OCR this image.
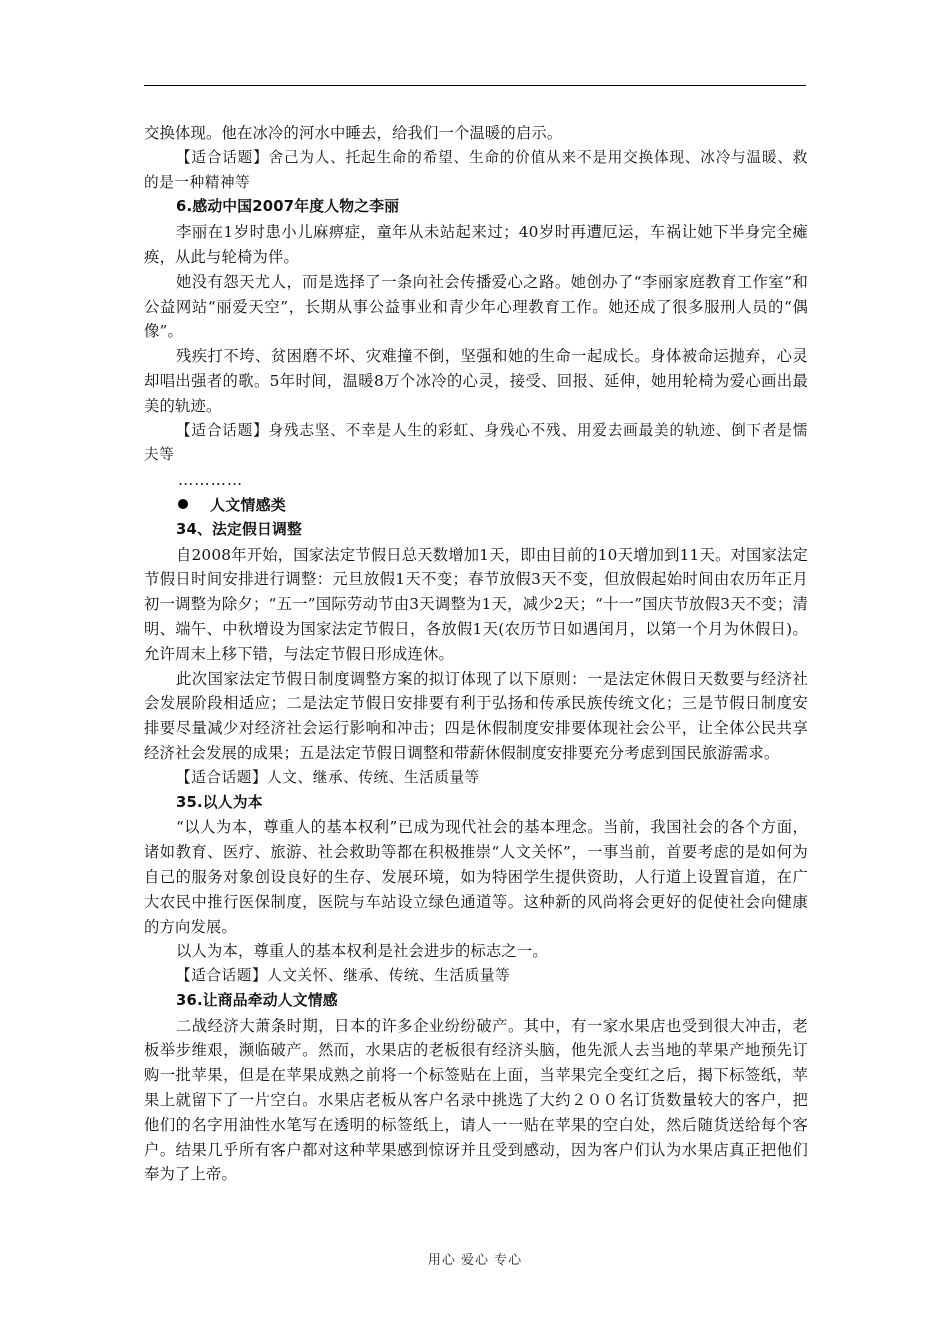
交换体现。他在冰冷的河水中睡去，给我们一个温暖的启示。

【适合话题】舍己为人、托起生命的希望、生命的价值从来不是用交换体现、冰冷与温暖、救的是一种精神等

6.感动中国2007年度人物之李丽

李丽在1岁时患小儿麻痹症，童年从未站起来过；40岁时再遭厄运，车祸让她下半身完全瘫痪，从此与轮椅为伴。

她没有怨天尤人，而是选择了一条向社会传播爱心之路。她创办了“李丽家庭教育工作室”和公益网站“丽爱天空”，长期从事公益事业和青少年心理教育工作。她还成了很多服刑人员的“偶像”。

残疾打不垮、贫困磨不坏、灾难撞不倒，坚强和她的生命一起成长。身体被命运抛弃，心灵却唱出强者的歌。5年时间，温暖8万个冰冷的心灵，接受、回报、延伸，她用轮椅为爱心画出最美的轨迹。

【适合话题】身残志坚、不幸是人生的彩虹、身残心不残、用爱去画最美的轨迹、倒下者是懦夫等

…………

人文情感类

34、法定假日调整

自2008年开始，国家法定节假日总天数增加1天，即由目前的10天增加到11天。对国家法定节假日时间安排进行调整：元旦放假1天不变；春节放假3天不变，但放假起始时间由农历年正月初一调整为除夕；“五一”国际劳动节由3天调整为1天，减少2天；“十一”国庆节放假3天不变；清明、端午、中秋增设为国家法定节假日，各放假1天(农历节日如遇闰月，以第一个月为休假日)。允许周末上移下错，与法定节假日形成连休。

此次国家法定节假日制度调整方案的拟订体现了以下原则：一是法定休假日天数要与经济社会发展阶段相适应；二是法定节假日安排要有利于弘扬和传承民族传统文化；三是节假日制度安排要尽量减少对经济社会运行影响和冲击；四是休假制度安排要体现社会公平，让全体公民共享经济社会发展的成果；五是法定节假日调整和带薪休假制度安排要充分考虑到国民旅游需求。

【适合话题】人文、继承、传统、生活质量等

35.以人为本

“以人为本，尊重人的基本权利”已成为现代社会的基本理念。当前，我国社会的各个方面，诸如教育、医疗、旅游、社会救助等都在积极推崇“人文关怀”，一事当前，首要考虑的是如何为自己的服务对象创设良好的生存、发展环境，如为特困学生提供资助，人行道上设置盲道，在广大农民中推行医保制度，医院与车站设立绿色通道等。这种新的风尚将会更好的促使社会向健康的方向发展。

以人为本，尊重人的基本权利是社会进步的标志之一。

【适合话题】人文关怀、继承、传统、生活质量等

36.让商品牵动人文情感

二战经济大萧条时期，日本的许多企业纷纷破产。其中，有一家水果店也受到很大冲击，老板举步维艰，濒临破产。然而，水果店的老板很有经济头脑，他先派人去当地的苹果产地预先订购一批苹果，但是在苹果成熟之前将一个标签贴在上面，当苹果完全变红之后，揭下标签纸，苹果上就留下了一片空白。水果店老板从客户名录中挑选了大约２００名订货数量较大的客户，把他们的名字用油性水笔写在透明的标签纸上，请人一一贴在苹果的空白处，然后随货送给每个客户。结果几乎所有客户都对这种苹果感到惊讶并且受到感动，因为客户们认为水果店真正把他们奉为了上帝。

用心 爱心 专心
